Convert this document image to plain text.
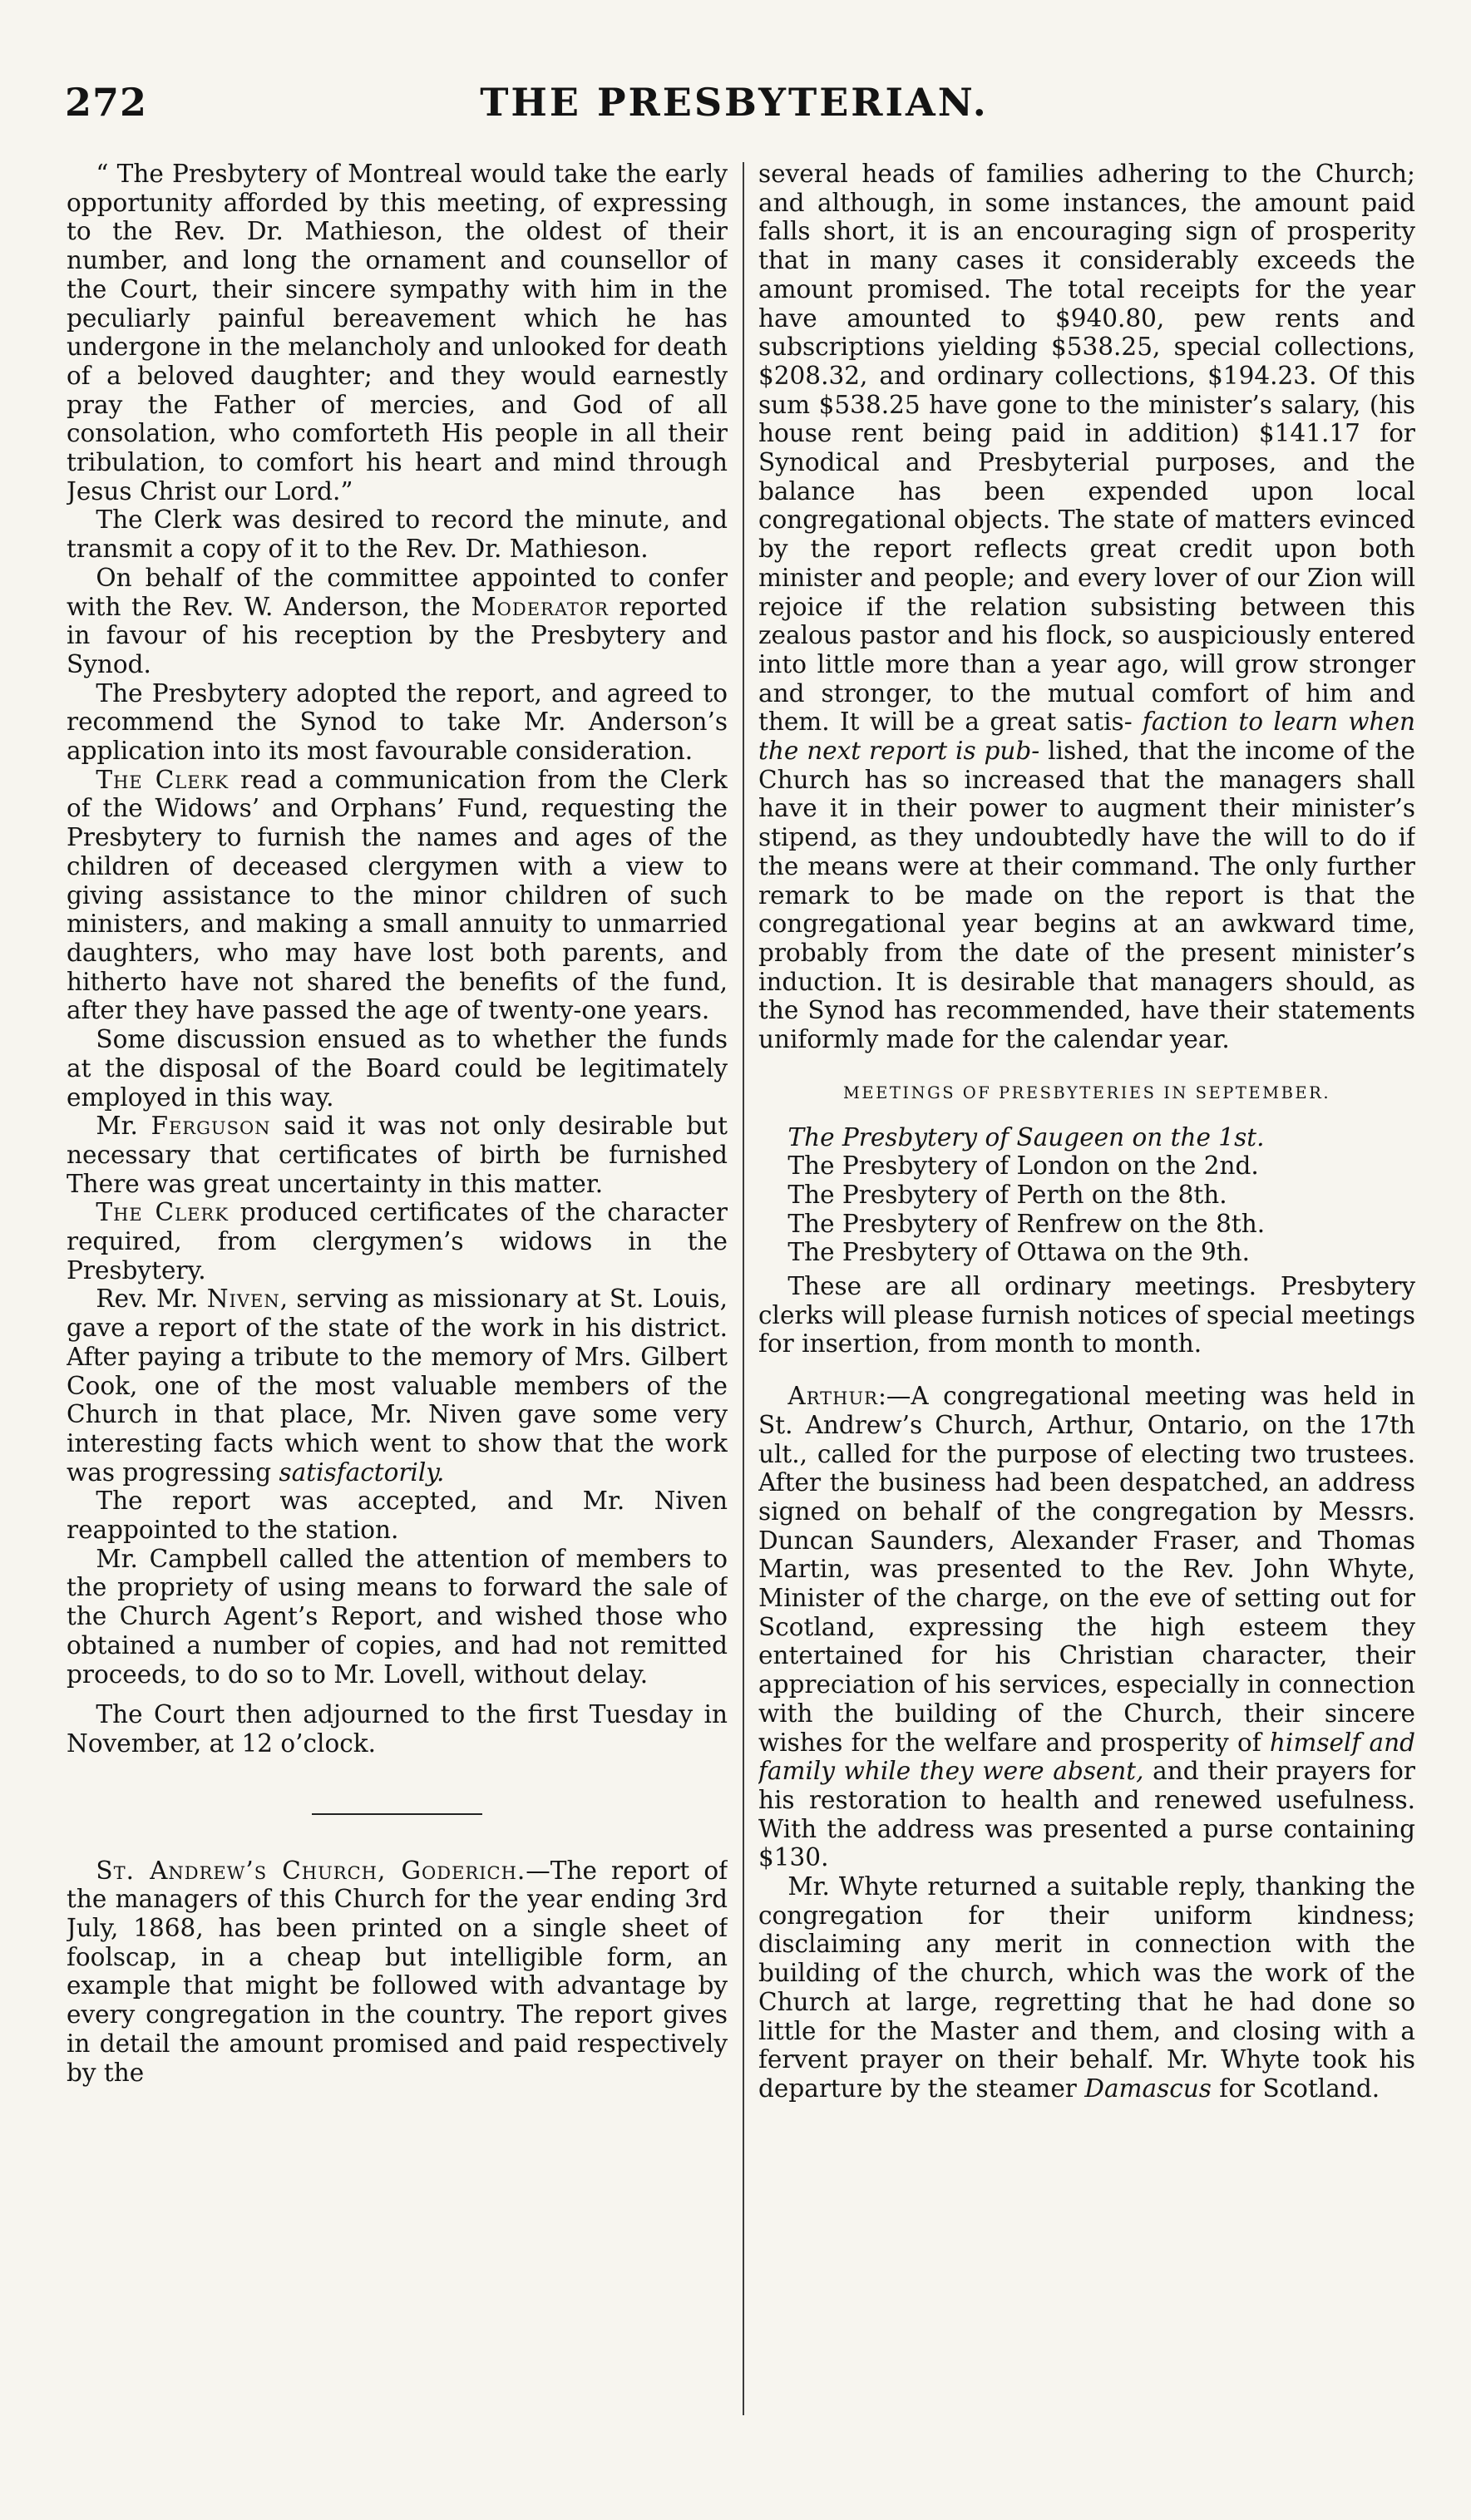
THE PRESBYTERIAN.
272

“ The Presbytery of Montreal would take the early opportunity afforded by this meeting, of expressing to the Rev. Dr. Mathieson, the oldest of their number, and long the ornament and counsellor of the Court, their sincere sympathy with him in the peculiarly painful bereavement which he has undergone in the melancholy and unlooked for death of a beloved daughter; and they would earnestly pray the Father of mercies, and God of all consolation, who comforteth His people in all their tribulation, to comfort his heart and mind through Jesus Christ our Lord.”

The Clerk was desired to record the minute, and transmit a copy of it to the Rev. Dr. Mathieson.

On behalf of the committee appointed to confer with the Rev. W. Anderson, the Moderator reported in favour of his reception by the Presbytery and Synod.

The Presbytery adopted the report, and agreed to recommend the Synod to take Mr. Anderson’s application into its most favourable consideration.

The Clerk read a communication from the Clerk of the Widows’ and Orphans’ Fund, requesting the Presbytery to furnish the names and ages of the children of deceased clergymen with a view to giving assistance to the minor children of such ministers, and making a small annuity to unmarried daughters, who may have lost both parents, and hitherto have not shared the benefits of the fund, after they have passed the age of twenty-one years.

Some discussion ensued as to whether the funds at the disposal of the Board could be legitimately employed in this way.

Mr. Ferguson said it was not only desirable but necessary that certificates of birth be furnished There was great uncertainty in this matter.

The Clerk produced certificates of the character required, from clergymen’s widows in the Presbytery.

Rev. Mr. Niven, serving as missionary at St. Louis, gave a report of the state of the work in his district. After paying a tribute to the memory of Mrs. Gilbert Cook, one of the most valuable members of the Church in that place, Mr. Niven gave some very interesting facts which went to show that the work was progressing satisfactorily.

The report was accepted, and Mr. Niven reappointed to the station.

Mr. Campbell called the attention of members to the propriety of using means to forward the sale of the Church Agent’s Report, and wished those who obtained a number of copies, and had not remitted proceeds, to do so to Mr. Lovell, without delay.

The Court then adjourned to the first Tuesday in November, at 12 o’clock.

St. Andrew’s Church, Goderich.—The report of the managers of this Church for the year ending 3rd July, 1868, has been printed on a single sheet of foolscap, in a cheap but intelligible form, an example that might be followed with advantage by every congregation in the country. The report gives in detail the amount promised and paid respectively by the

several heads of families adhering to the Church; and although, in some instances, the amount paid falls short, it is an encouraging sign of prosperity that in many cases it considerably exceeds the amount promised. The total receipts for the year have amounted to $940.80, pew rents and subscriptions yielding $538.25, special collections, $208.32, and ordinary collections, $194.23. Of this sum $538.25 have gone to the minister’s salary, (his house rent being paid in addition) $141.17 for Synodical and Presbyterial purposes, and the balance has been expended upon local congregational objects. The state of matters evinced by the report reflects great credit upon both minister and people; and every lover of our Zion will rejoice if the relation subsisting between this zealous pastor and his flock, so auspiciously entered into little more than a year ago, will grow stronger and stronger, to the mutual comfort of him and them. It will be a great satis- faction to learn when the next report is pub- lished, that the income of the Church has so increased that the managers shall have it in their power to augment their minister’s stipend, as they undoubtedly have the will to do if the means were at their command. The only further remark to be made on the report is that the congregational year begins at an awkward time, probably from the date of the present minister’s induction. It is desirable that managers should, as the Synod has recommended, have their statements uniformly made for the calendar year.

MEETINGS OF PRESBYTERIES IN SEPTEMBER.

The Presbytery of Saugeen on the 1st.

The Presbytery of London on the 2nd.

The Presbytery of Perth on the 8th.

The Presbytery of Renfrew on the 8th.

The Presbytery of Ottawa on the 9th.

These are all ordinary meetings. Presbytery clerks will please furnish notices of special meetings for insertion, from month to month.

Arthur:—A congregational meeting was held in St. Andrew’s Church, Arthur, Ontario, on the 17th ult., called for the purpose of electing two trustees. After the business had been despatched, an address signed on behalf of the congregation by Messrs. Duncan Saunders, Alexander Fraser, and Thomas Martin, was presented to the Rev. John Whyte, Minister of the charge, on the eve of setting out for Scotland, expressing the high esteem they entertained for his Christian character, their appreciation of his services, especially in connection with the building of the Church, their sincere wishes for the welfare and prosperity of himself and family while they were absent, and their prayers for his restoration to health and renewed usefulness. With the address was presented a purse containing $130.

Mr. Whyte returned a suitable reply, thanking the congregation for their uniform kindness; disclaiming any merit in connection with the building of the church, which was the work of the Church at large, regretting that he had done so little for the Master and them, and closing with a fervent prayer on their behalf. Mr. Whyte took his departure by the steamer Damascus for Scotland.
